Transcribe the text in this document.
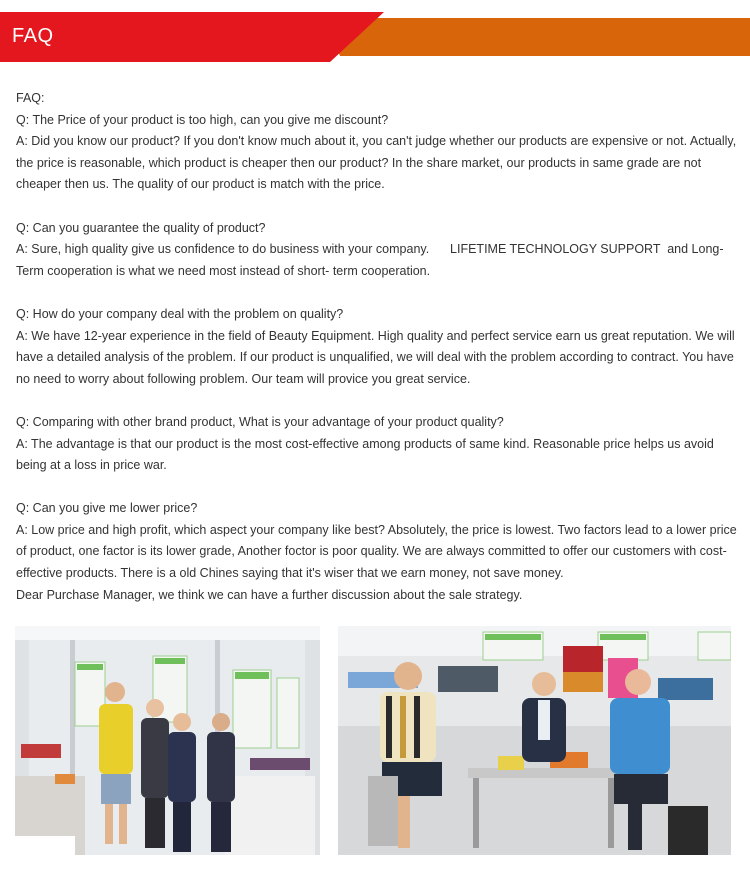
FAQ

FAQ:

Q: The Price of your product is too high, can you give me discount?

A: Did you know our product? If you don't know much about it, you can't judge whether our products are expensive or not. Actually, the price is reasonable, which product is cheaper then our product? In the share market, our products in same grade are not cheaper then us. The quality of our product is match with the price.

Q: Can you guarantee the quality of product?

A: Sure, high quality give us confidence to do business with your company.      LIFETIME TECHNOLOGY SUPPORT  and Long- Term cooperation is what we need most instead of short- term cooperation.

Q: How do your company deal with the problem on quality?

A: We have 12-year experience in the field of Beauty Equipment. High quality and perfect service earn us great reputation. We will have a detailed analysis of the problem. If our product is unqualified, we will deal with the problem according to contract. You have no need to worry about following problem. Our team will provice you great service.

Q: Comparing with other brand product, What is your advantage of your product quality?

A: The advantage is that our product is the most cost-effective among products of same kind. Reasonable price helps us avoid being at a loss in price war.

Q: Can you give me lower price?

A: Low price and high profit, which aspect your company like best? Absolutely, the price is lowest. Two factors lead to a lower price of product, one factor is its lower grade, Another foctor is poor quality. We are always committed to offer our customers with cost-effective products. There is a old Chines saying that it's wiser that we earn money, not save money.

Dear Purchase Manager, we think we can have a further discussion about the sale strategy.
